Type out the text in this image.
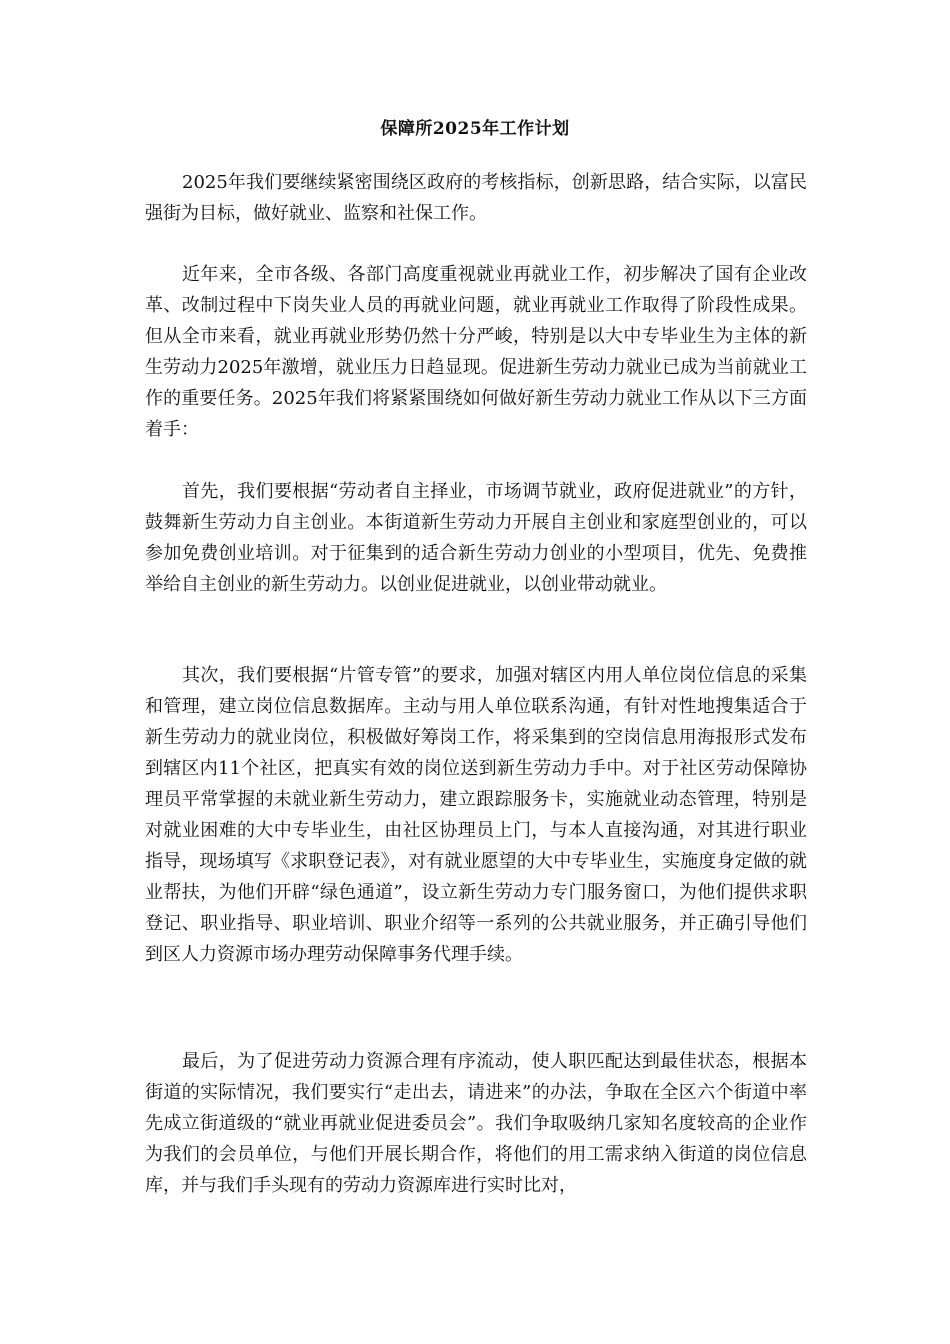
保障所2025年工作计划

2025年我们要继续紧密围绕区政府的考核指标，创新思路，结合实际，以富民强街为目标，做好就业、监察和社保工作。

近年来，全市各级、各部门高度重视就业再就业工作，初步解决了国有企业改革、改制过程中下岗失业人员的再就业问题，就业再就业工作取得了阶段性成果。但从全市来看，就业再就业形势仍然十分严峻，特别是以大中专毕业生为主体的新生劳动力2025年激增，就业压力日趋显现。促进新生劳动力就业已成为当前就业工作的重要任务。2025年我们将紧紧围绕如何做好新生劳动力就业工作从以下三方面着手：

首先，我们要根据“劳动者自主择业，市场调节就业，政府促进就业”的方针，鼓舞新生劳动力自主创业。本街道新生劳动力开展自主创业和家庭型创业的，可以参加免费创业培训。对于征集到的适合新生劳动力创业的小型项目，优先、免费推举给自主创业的新生劳动力。以创业促进就业，以创业带动就业。

其次，我们要根据“片管专管”的要求，加强对辖区内用人单位岗位信息的采集和管理，建立岗位信息数据库。主动与用人单位联系沟通，有针对性地搜集适合于新生劳动力的就业岗位，积极做好筹岗工作，将采集到的空岗信息用海报形式发布到辖区内11个社区，把真实有效的岗位送到新生劳动力手中。对于社区劳动保障协理员平常掌握的未就业新生劳动力，建立跟踪服务卡，实施就业动态管理，特别是对就业困难的大中专毕业生，由社区协理员上门，与本人直接沟通，对其进行职业指导，现场填写《求职登记表》，对有就业愿望的大中专毕业生，实施度身定做的就业帮扶，为他们开辟“绿色通道”，设立新生劳动力专门服务窗口，为他们提供求职登记、职业指导、职业培训、职业介绍等一系列的公共就业服务，并正确引导他们到区人力资源市场办理劳动保障事务代理手续。

最后，为了促进劳动力资源合理有序流动，使人职匹配达到最佳状态，根据本街道的实际情况，我们要实行“走出去，请进来”的办法，争取在全区六个街道中率先成立街道级的“就业再就业促进委员会”。我们争取吸纳几家知名度较高的企业作为我们的会员单位，与他们开展长期合作，将他们的用工需求纳入街道的岗位信息库，并与我们手头现有的劳动力资源库进行实时比对，
